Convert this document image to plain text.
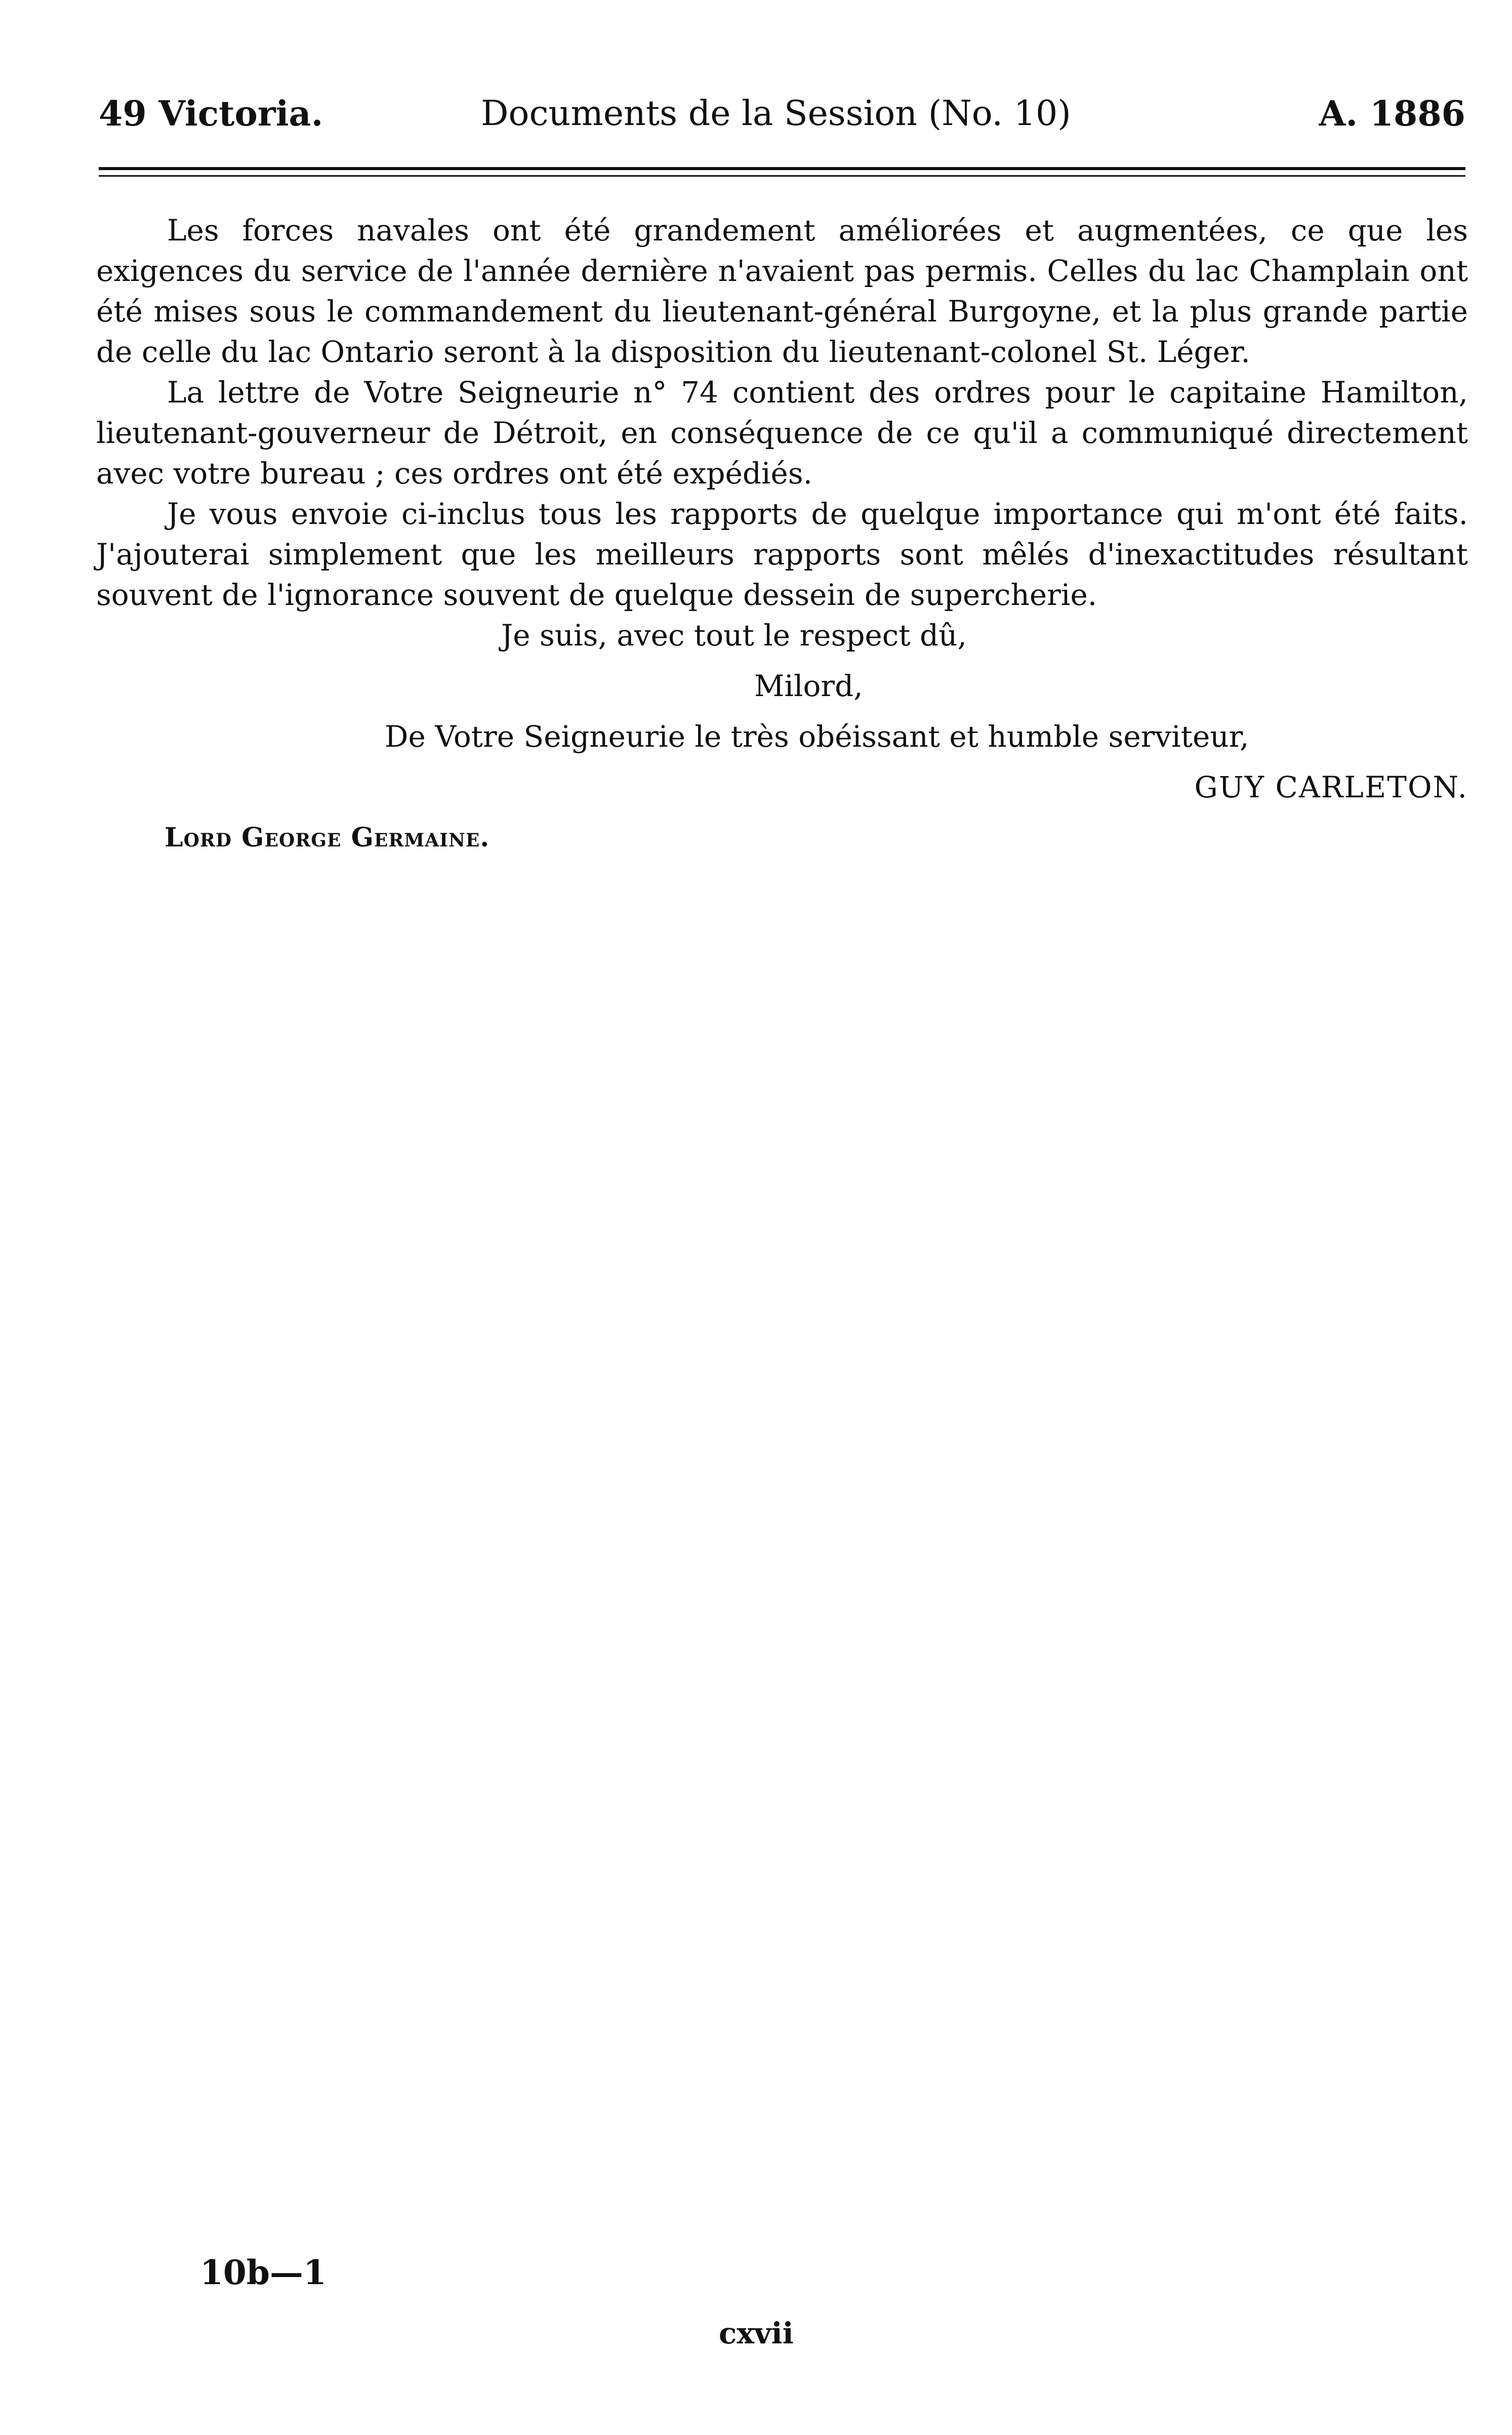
49 Victoria.	Documents de la Session (No. 10)	A. 1886

Les forces navales ont été grandement améliorées et augmentées, ce que les exigences du service de l'année dernière n'avaient pas permis. Celles du lac Champlain ont été mises sous le commandement du lieutenant-général Burgoyne, et la plus grande partie de celle du lac Ontario seront à la disposition du lieutenant-colonel St. Léger.

La lettre de Votre Seigneurie n° 74 contient des ordres pour le capitaine Hamilton, lieutenant-gouverneur de Détroit, en conséquence de ce qu'il a communiqué directement avec votre bureau ; ces ordres ont été expédiés.

Je vous envoie ci-inclus tous les rapports de quelque importance qui m'ont été faits. J'ajouterai simplement que les meilleurs rapports sont mêlés d'inexactitudes résultant souvent de l'ignorance souvent de quelque dessein de supercherie.

Je suis, avec tout le respect dû,
Milord,
De Votre Seigneurie le très obéissant et humble serviteur,
GUY CARLETON.
Lord George Germaine.
10b—1
cxvii
